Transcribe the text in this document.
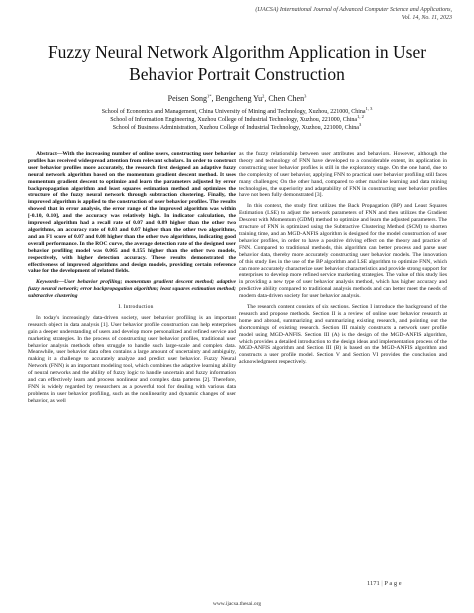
(IJACSA) International Journal of Advanced Computer Science and Applications,
Vol. 14, No. 11, 2023
Fuzzy Neural Network Algorithm Application in User
Behavior Portrait Construction
Peisen Song$^{1*}$, Bengcheng Yu$^2$, Chen Chen$^3$
School of Economics and Management, China University of Mining and Technology, Xuzhou, 221000, China$^{1, 3}$
School of Information Engineering, Xuzhou College of Industrial Technology, Xuzhou, 221000, China$^{1, 2}$
School of Business Administration, Xuzhou College of Industrial Technology, Xuzhou, 221000, China$^3$

Abstract—With the increasing number of online users, constructing user behavior profiles has received widespread attention from relevant scholars. In order to construct user behavior profiles more accurately, the research first designed an adaptive fuzzy neural network algorithm based on the momentum gradient descent method. It uses momentum gradient descent to optimize and learn the parameters adjusted by error backpropagation algorithm and least squares estimation method and optimizes the structure of the fuzzy neural network through subtraction clustering. Finally, the improved algorithm is applied to the construction of user behavior profiles. The results showed that in error analysis, the error range of the improved algorithm was within [-0.10, 0.10], and the accuracy was relatively high. In indicator calculation, the improved algorithm had a recall rate of 0.07 and 0.09 higher than the other two algorithms, an accuracy rate of 0.03 and 0.07 higher than the other two algorithms, and an F1 score of 0.07 and 0.08 higher than the other two algorithms, indicating good overall performance. In the ROC curve, the average detection rate of the designed user behavior profiling model was 0.065 and 0.155 higher than the other two models, respectively, with higher detection accuracy. These results demonstrated the effectiveness of improved algorithms and design models, providing certain reference value for the development of related fields.

Keywords—User behavior profiling; momentum gradient descent method; adaptive fuzzy neural network; error backpropagation algorithm; least squares estimation method; subtractive clustering

I. Introduction

In today's increasingly data-driven society, user behavior profiling is an important research object in data analysis [1]. User behavior profile construction can help enterprises gain a deeper understanding of users and develop more personalized and refined service and marketing strategies. In the process of constructing user behavior profiles, traditional user behavior analysis methods often struggle to handle such large-scale and complex data. Meanwhile, user behavior data often contains a large amount of uncertainty and ambiguity, making it a challenge to accurately analyze and predict user behavior. Fuzzy Neural Network (FNN) is an important modeling tool, which combines the adaptive learning ability of neural networks and the ability of fuzzy logic to handle uncertain and fuzzy information and can effectively learn and process nonlinear and complex data patterns [2]. Therefore, FNN is widely regarded by researchers as a powerful tool for dealing with various data problems in user behavior profiling, such as the nonlinearity and dynamic changes of user behavior, as well

as the fuzzy relationship between user attributes and behaviors. However, although the theory and technology of FNN have developed to a considerable extent, its application in constructing user behavior profiles is still in the exploratory stage. On the one hand, due to the complexity of user behavior, applying FNN to practical user behavior profiling still faces many challenges; On the other hand, compared to other machine learning and data mining technologies, the superiority and adaptability of FNN in constructing user behavior profiles have not been fully demonstrated [3].

In this context, the study first utilizes the Back Propagation (BP) and Least Squares Estimation (LSE) to adjust the network parameters of FNN and then utilizes the Gradient Descent with Momentum (GDM) method to optimize and learn the adjusted parameters. The structure of FNN is optimized using the Subtractive Clustering Method (SCM) to shorten training time, and an MGD-ANFIS algorithm is designed for the model construction of user behavior profiles, in order to have a positive driving effect on the theory and practice of FNN. Compared to traditional methods, this algorithm can better process and parse user behavior data, thereby more accurately constructing user behavior models. The innovation of this study lies in the use of the BP algorithm and LSE algorithm to optimize FNN, which can more accurately characterize user behavior characteristics and provide strong support for enterprises to develop more refined service marketing strategies. The value of this study lies in providing a new type of user behavior analysis method, which has higher accuracy and predictive ability compared to traditional analysis methods and can better meet the needs of modern data-driven society for user behavior analysis.

The research content consists of six sections. Section I introduce the background of the research and propose methods. Section II is a review of online user behavior research at home and abroad, summarizing and summarizing existing research, and pointing out the shortcomings of existing research. Section III mainly constructs a network user profile model using MGD-ANFIS. Section III (A) is the design of the MGD-ANFIS algorithm, which provides a detailed introduction to the design ideas and implementation process of the MGD-ANFIS algorithm and Section III (B) is based on the MGD-ANFIS algorithm and constructs a user profile model. Section V and Section VI provides the conclusion and acknowledgment respectively.

1171 | P a g e
www.ijacsa.thesai.org
